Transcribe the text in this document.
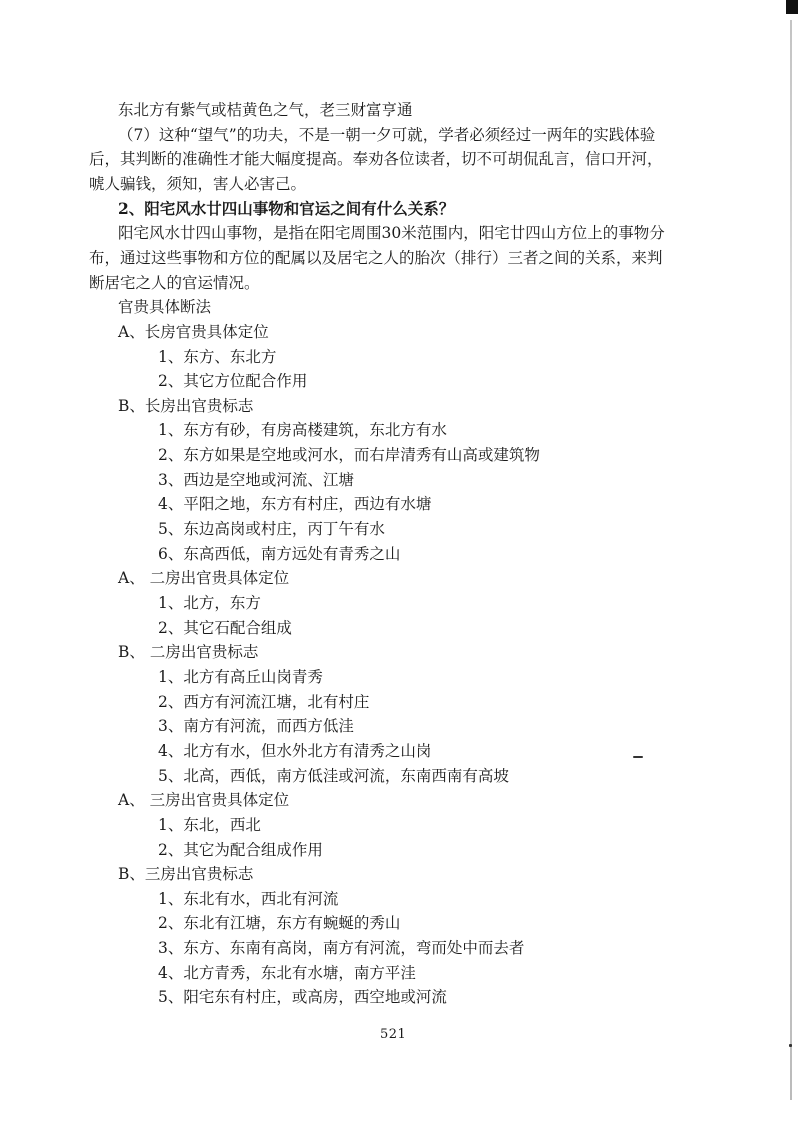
东北方有紫气或桔黄色之气，老三财富亨通
（7）这种“望气”的功夫，不是一朝一夕可就，学者必须经过一两年的实践体验
后，其判断的准确性才能大幅度提高。奉劝各位读者，切不可胡侃乱言，信口开河，
唬人骗钱，须知，害人必害己。
2、阳宅风水廿四山事物和官运之间有什么关系？
阳宅风水廿四山事物，是指在阳宅周围30米范围内，阳宅廿四山方位上的事物分
布，通过这些事物和方位的配属以及居宅之人的胎次（排行）三者之间的关系，来判
断居宅之人的官运情况。
官贵具体断法
A、长房官贵具体定位
1、东方、东北方
2、其它方位配合作用
B、长房出官贵标志
1、东方有砂，有房高楼建筑，东北方有水
2、东方如果是空地或河水，而右岸清秀有山高或建筑物
3、西边是空地或河流、江塘
4、平阳之地，东方有村庄，西边有水塘
5、东边高岗或村庄，丙丁午有水
6、东高西低，南方远处有青秀之山
A、 二房出官贵具体定位
1、北方，东方
2、其它石配合组成
B、 二房出官贵标志
1、北方有高丘山岗青秀
2、西方有河流江塘，北有村庄
3、南方有河流，而西方低洼
4、北方有水，但水外北方有清秀之山岗
5、北高，西低，南方低洼或河流，东南西南有高坡
A、 三房出官贵具体定位
1、东北，西北
2、其它为配合组成作用
B、三房出官贵标志
1、东北有水，西北有河流
2、东北有江塘，东方有蜿蜒的秀山
3、东方、东南有高岗，南方有河流，弯而处中而去者
4、北方青秀，东北有水塘，南方平洼
5、阳宅东有村庄，或高房，西空地或河流
521
